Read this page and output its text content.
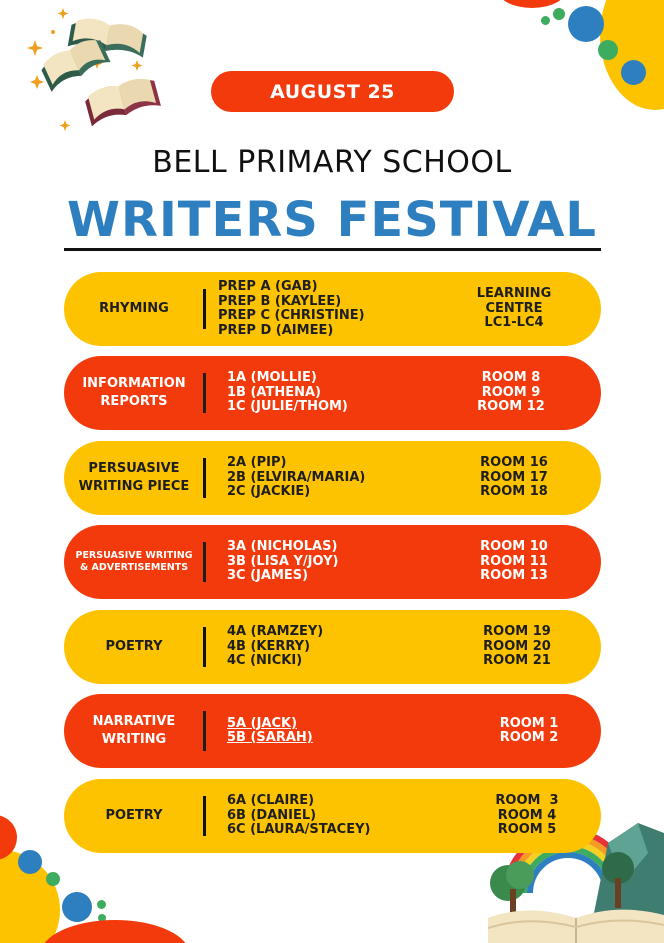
AUGUST 25
BELL PRIMARY SCHOOL
WRITERS FESTIVAL
RHYMING
PREP A (GAB)
PREP B (KAYLEE)
PREP C (CHRISTINE)
PREP D (AIMEE)
LEARNING
CENTRE
LC1-LC4
INFORMATION REPORTS
1A (MOLLIE)
1B (ATHENA)
1C (JULIE/THOM)
ROOM 8
ROOM 9
ROOM 12
PERSUASIVE WRITING PIECE
2A (PIP)
2B (ELVIRA/MARIA)
2C (JACKIE)
ROOM 16
ROOM 17
ROOM 18
PERSUASIVE WRITING & ADVERTISEMENTS
3A (NICHOLAS)
3B (LISA Y/JOY)
3C (JAMES)
ROOM 10
ROOM 11
ROOM 13
POETRY
4A (RAMZEY)
4B (KERRY)
4C (NICKI)
ROOM 19
ROOM 20
ROOM 21
NARRATIVE WRITING
5A (JACK)
5B (SARAH)
ROOM 1
ROOM 2
POETRY
6A (CLAIRE)
6B (DANIEL)
6C (LAURA/STACEY)
ROOM  3
ROOM 4
ROOM 5
